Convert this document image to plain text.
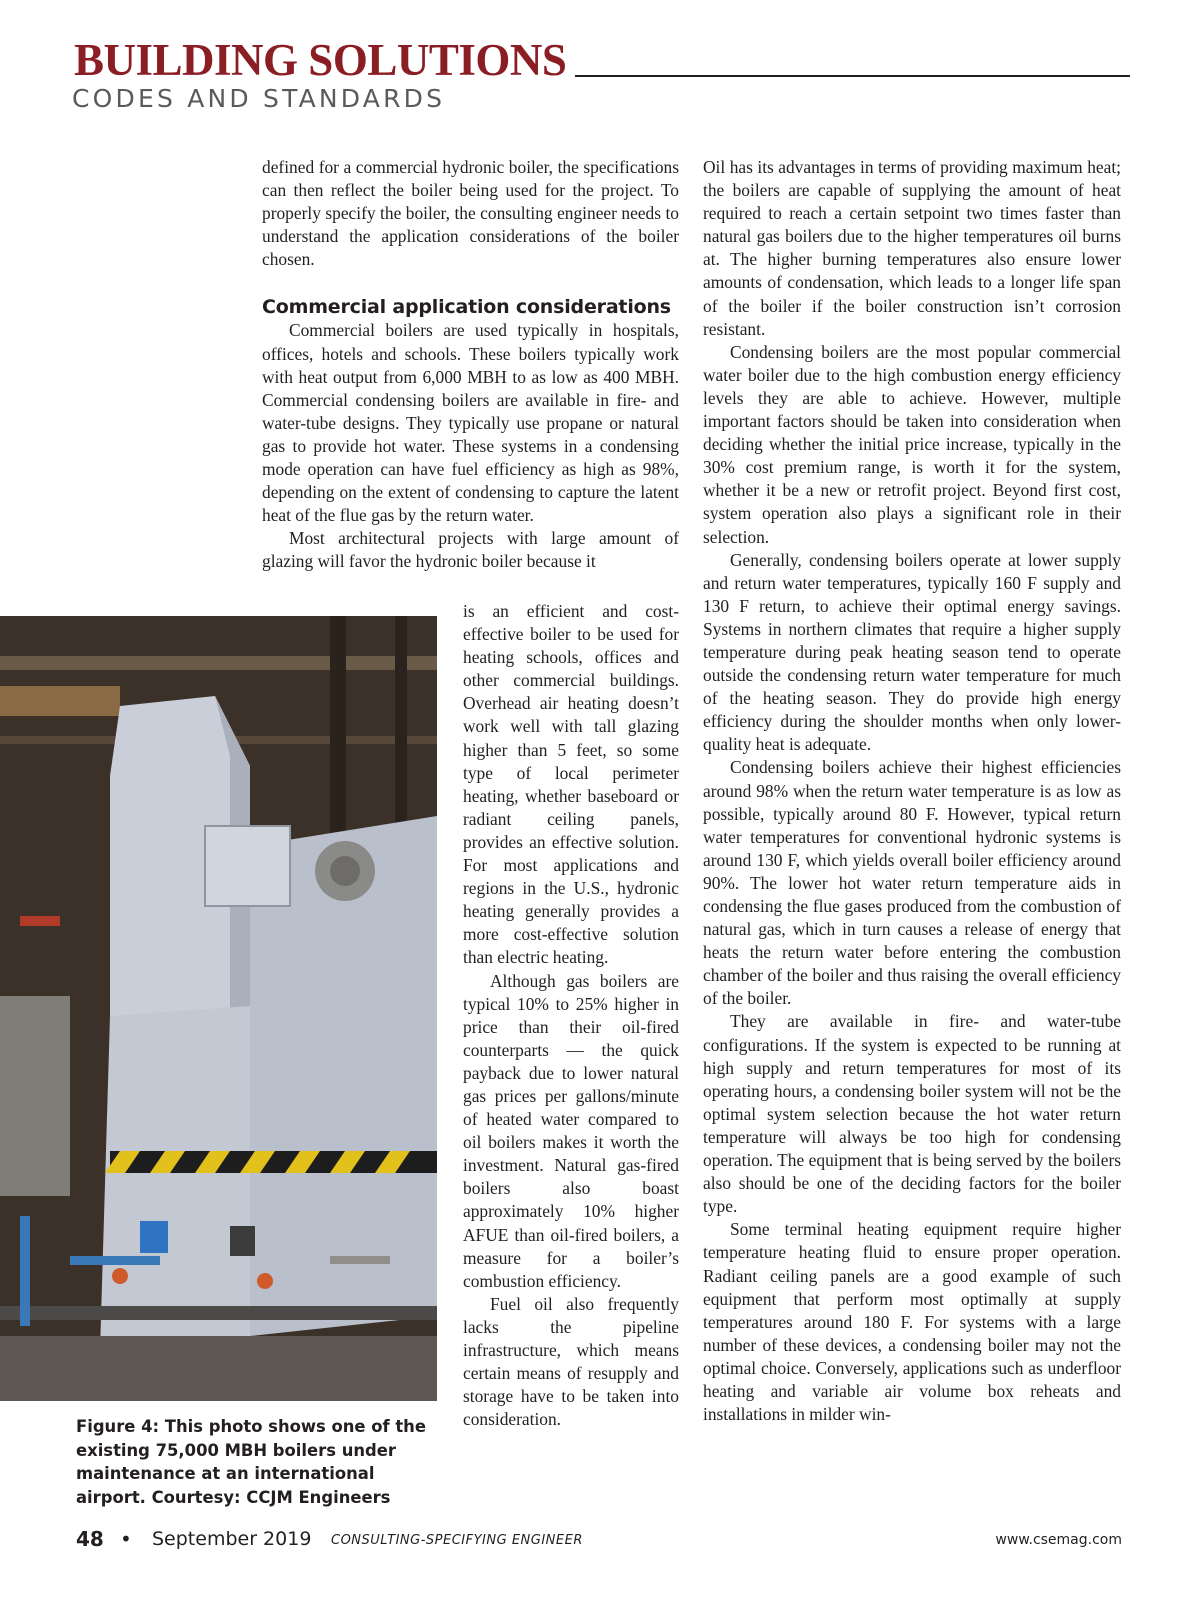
BUILDING SOLUTIONS
CODES AND STANDARDS

defined for a commercial hydronic boiler, the specifications can then reflect the boiler being used for the project. To properly specify the boiler, the consulting engineer needs to understand the application considerations of the boiler chosen.

Commercial application considerations

Commercial boilers are used typically in hospitals, offices, hotels and schools. These boilers typically work with heat output from 6,000 MBH to as low as 400 MBH. Commercial condensing boilers are available in fire- and water-tube designs. They typically use propane or natural gas to provide hot water. These systems in a condensing mode operation can have fuel efficiency as high as 98%, depending on the extent of condensing to capture the latent heat of the flue gas by the return water.

Most architectural projects with large amount of glazing will favor the hydronic boiler because it

is an efficient and cost-effective boiler to be used for heating schools, offices and other commercial buildings. Overhead air heating doesn’t work well with tall glazing higher than 5 feet, so some type of local perimeter heating, whether baseboard or radiant ceiling panels, provides an effective solution. For most applications and regions in the U.S., hydronic heating generally provides a more cost-effective solution than electric heating.

Although gas boilers are typical 10% to 25% higher in price than their oil-fired counterparts — the quick payback due to lower natural gas prices per gallons/minute of heated water compared to oil boilers makes it worth the investment. Natural gas-fired boilers also boast approximately 10% higher AFUE than oil-fired boilers, a measure for a boiler’s combustion efficiency.

Fuel oil also frequently lacks the pipeline infrastructure, which means certain means of resupply and storage have to be taken into consideration.

Oil has its advantages in terms of providing maximum heat; the boilers are capable of supplying the amount of heat required to reach a certain setpoint two times faster than natural gas boilers due to the higher temperatures oil burns at. The higher burning temperatures also ensure lower amounts of condensation, which leads to a longer life span of the boiler if the boiler construction isn’t corrosion resistant.

Condensing boilers are the most popular commercial water boiler due to the high combustion energy efficiency levels they are able to achieve. However, multiple important factors should be taken into consideration when deciding whether the initial price increase, typically in the 30% cost premium range, is worth it for the system, whether it be a new or retrofit project. Beyond first cost, system operation also plays a significant role in their selection.

Generally, condensing boilers operate at lower supply and return water temperatures, typically 160 F supply and 130 F return, to achieve their optimal energy savings. Systems in northern climates that require a higher supply temperature during peak heating season tend to operate outside the condensing return water temperature for much of the heating season. They do provide high energy efficiency during the shoulder months when only lower-quality heat is adequate.

Condensing boilers achieve their highest efficiencies around 98% when the return water temperature is as low as possible, typically around 80 F. However, typical return water temperatures for conventional hydronic systems is around 130 F, which yields overall boiler efficiency around 90%. The lower hot water return temperature aids in condensing the flue gases produced from the combustion of natural gas, which in turn causes a release of energy that heats the return water before entering the combustion chamber of the boiler and thus raising the overall efficiency of the boiler.

They are available in fire- and water-tube configurations. If the system is expected to be running at high supply and return temperatures for most of its operating hours, a condensing boiler system will not be the optimal system selection because the hot water return temperature will always be too high for condensing operation. The equipment that is being served by the boilers also should be one of the deciding factors for the boiler type.

Some terminal heating equipment require higher temperature heating fluid to ensure proper operation. Radiant ceiling panels are a good example of such equipment that perform most optimally at supply temperatures around 180 F. For systems with a large number of these devices, a condensing boiler may not the optimal choice. Conversely, applications such as underfloor heating and variable air volume box reheats and installations in milder win-

Figure 4: This photo shows one of the existing 75,000 MBH boilers under maintenance at an international airport. Courtesy: CCJM Engineers
48 • September 2019 CONSULTING-SPECIFYING ENGINEER	www.csemag.com
